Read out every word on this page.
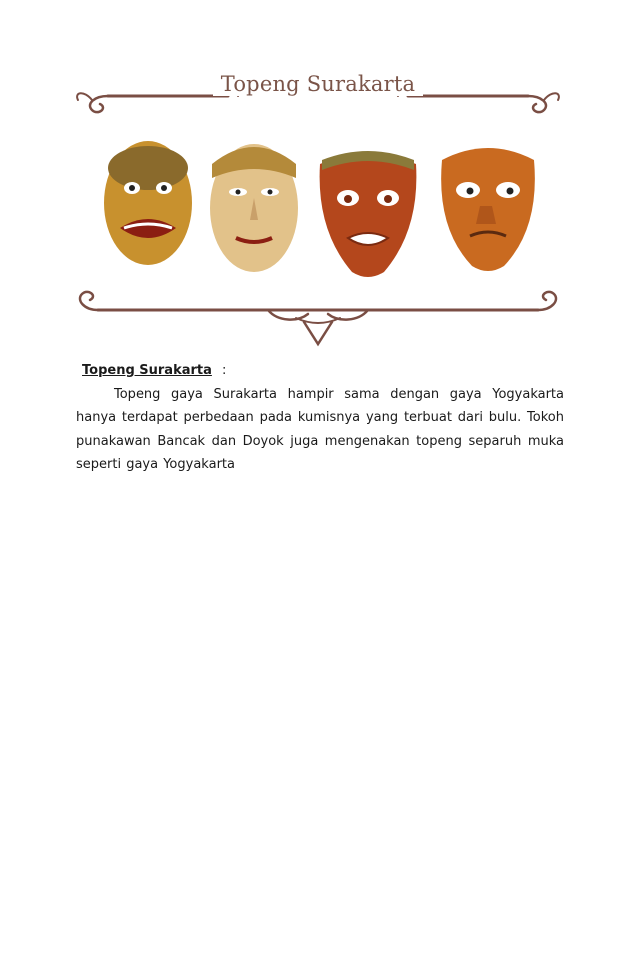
Topeng Surakarta

Topeng Surakarta :

Topeng gaya Surakarta hampir sama dengan gaya Yogyakarta hanya terdapat perbedaan pada kumisnya yang terbuat dari bulu. Tokoh punakawan Bancak dan Doyok juga mengenakan topeng separuh muka seperti gaya Yogyakarta
